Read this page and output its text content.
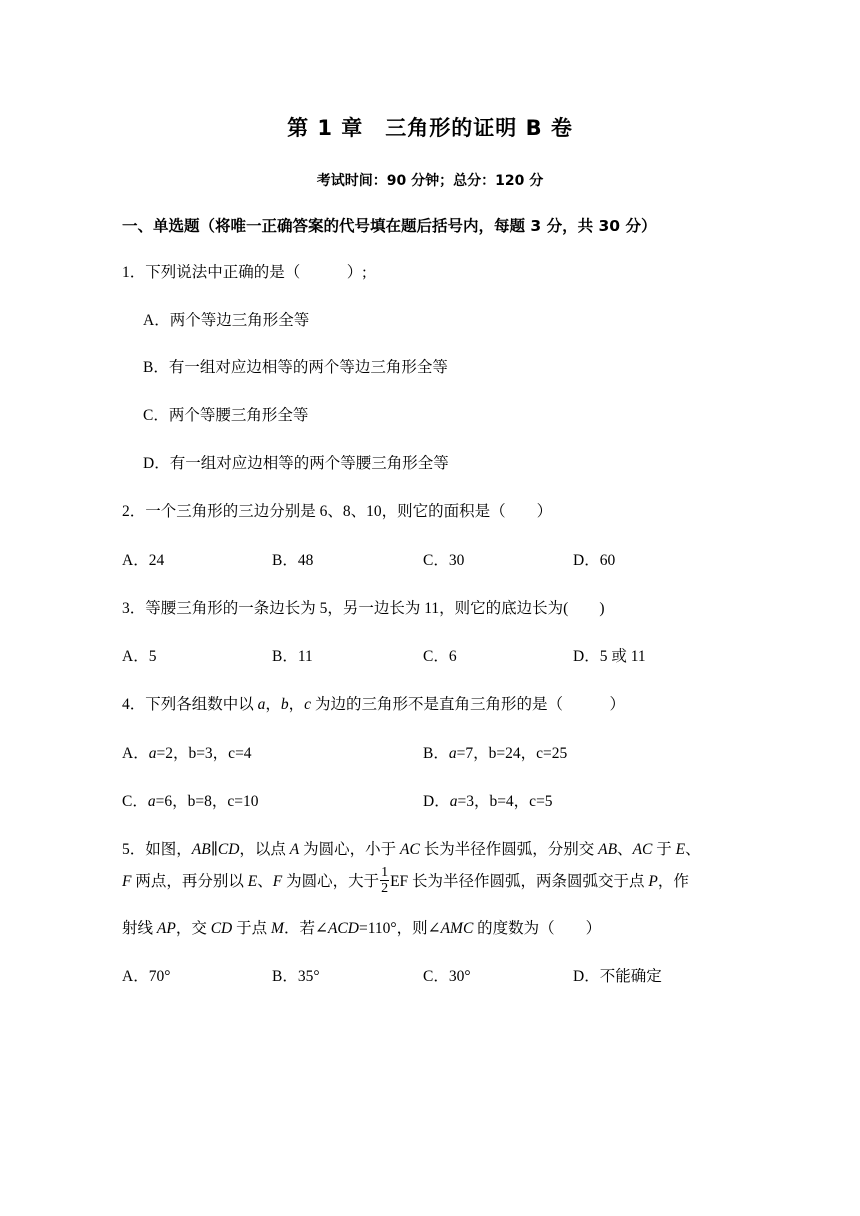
第 1 章　三角形的证明 B 卷
考试时间：90 分钟；总分：120 分
一、单选题（将唯一正确答案的代号填在题后括号内，每题 3 分，共 30 分）
1．下列说法中正确的是（　　　）;
A．两个等边三角形全等
B．有一组对应边相等的两个等边三角形全等
C．两个等腰三角形全等
D．有一组对应边相等的两个等腰三角形全等
2．一个三角形的三边分别是 6、8、10，则它的面积是（　　）
A．24	B．48	C．30	D．60
3．等腰三角形的一条边长为 5，另一边长为 11，则它的底边长为(　　)
A．5	B．11	C．6	D．5 或 11
4．下列各组数中以 a，b，c 为边的三角形不是直角三角形的是（　　　）
A．a=2，b=3，c=4	B．a=7，b=24，c=25
C．a=6，b=8，c=10	D．a=3，b=4，c=5
5．如图，AB∥CD，以点 A 为圆心，小于 AC 长为半径作圆弧，分别交 AB、AC 于 E、
F 两点，再分别以 E、F 为圆心，大于 $\frac{1}{2}$ EF 长为半径作圆弧，两条圆弧交于点 P，作
射线 AP，交 CD 于点 M．若∠ACD=110°，则∠AMC 的度数为（　　）
A．70°	B．35°	C．30°	D．不能确定
